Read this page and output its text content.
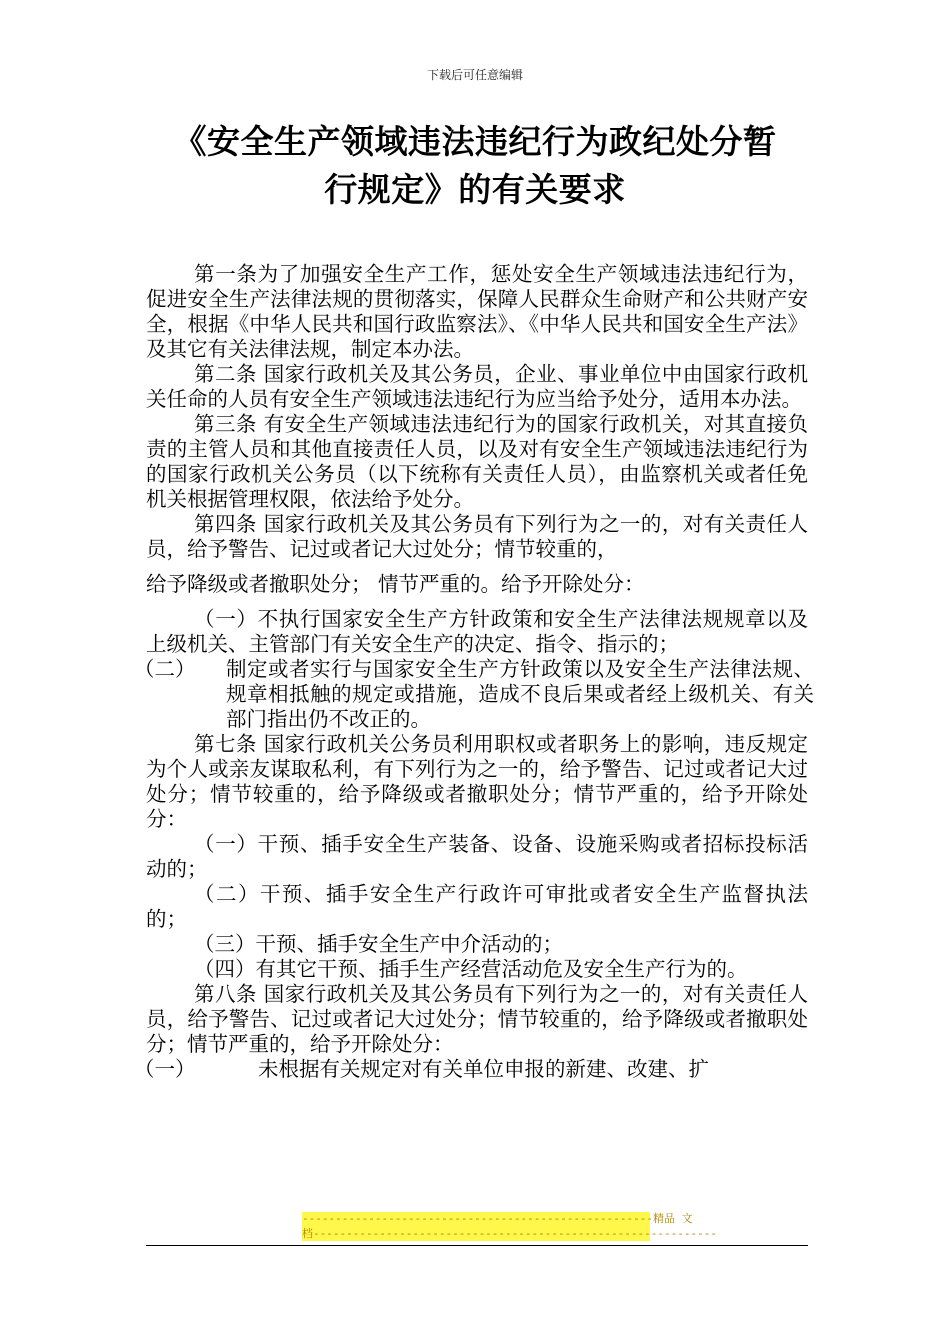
下载后可任意编辑
《安全生产领域违法违纪行为政纪处分暂
行规定》的有关要求

第一条为了加强安全生产工作，惩处安全生产领域违法违纪行为，促进安全生产法律法规的贯彻落实，保障人民群众生命财产和公共财产安全，根据《中华人民共和国行政监察法》、《中华人民共和国安全生产法》及其它有关法律法规，制定本办法。

第二条 国家行政机关及其公务员，企业、事业单位中由国家行政机关任命的人员有安全生产领域违法违纪行为应当给予处分，适用本办法。

第三条 有安全生产领域违法违纪行为的国家行政机关，对其直接负责的主管人员和其他直接责任人员，以及对有安全生产领域违法违纪行为的国家行政机关公务员（以下统称有关责任人员），由监察机关或者任免机关根据管理权限，依法给予处分。

第四条 国家行政机关及其公务员有下列行为之一的，对有关责任人员，给予警告、记过或者记大过处分；情节较重的，

给予降级或者撤职处分； 情节严重的。给予开除处分：

（一）不执行国家安全生产方针政策和安全生产法律法规规章以及上级机关、主管部门有关安全生产的决定、指令、指示的；

（二）	制定或者实行与国家安全生产方针政策以及安全生产法律法规、规章相抵触的规定或措施，造成不良后果或者经上级机关、有关部门指出仍不改正的。

第七条 国家行政机关公务员利用职权或者职务上的影响，违反规定为个人或亲友谋取私利，有下列行为之一的，给予警告、记过或者记大过处分；情节较重的，给予降级或者撤职处分；情节严重的，给予开除处分：

（一）干预、插手安全生产装备、设备、设施采购或者招标投标活动的；

（二）干预、插手安全生产行政许可审批或者安全生产监督执法的；

（三）干预、插手安全生产中介活动的；

（四）有其它干预、插手生产经营活动危及安全生产行为的。

第八条 国家行政机关及其公务员有下列行为之一的，对有关责任人员，给予警告、记过或者记大过处分；情节较重的，给予降级或者撤职处分；情节严重的，给予开除处分：

（一）	未根据有关规定对有关单位申报的新建、改建、扩
-----------------------------------------------------精品 文
档-------------------------------------------------------------
